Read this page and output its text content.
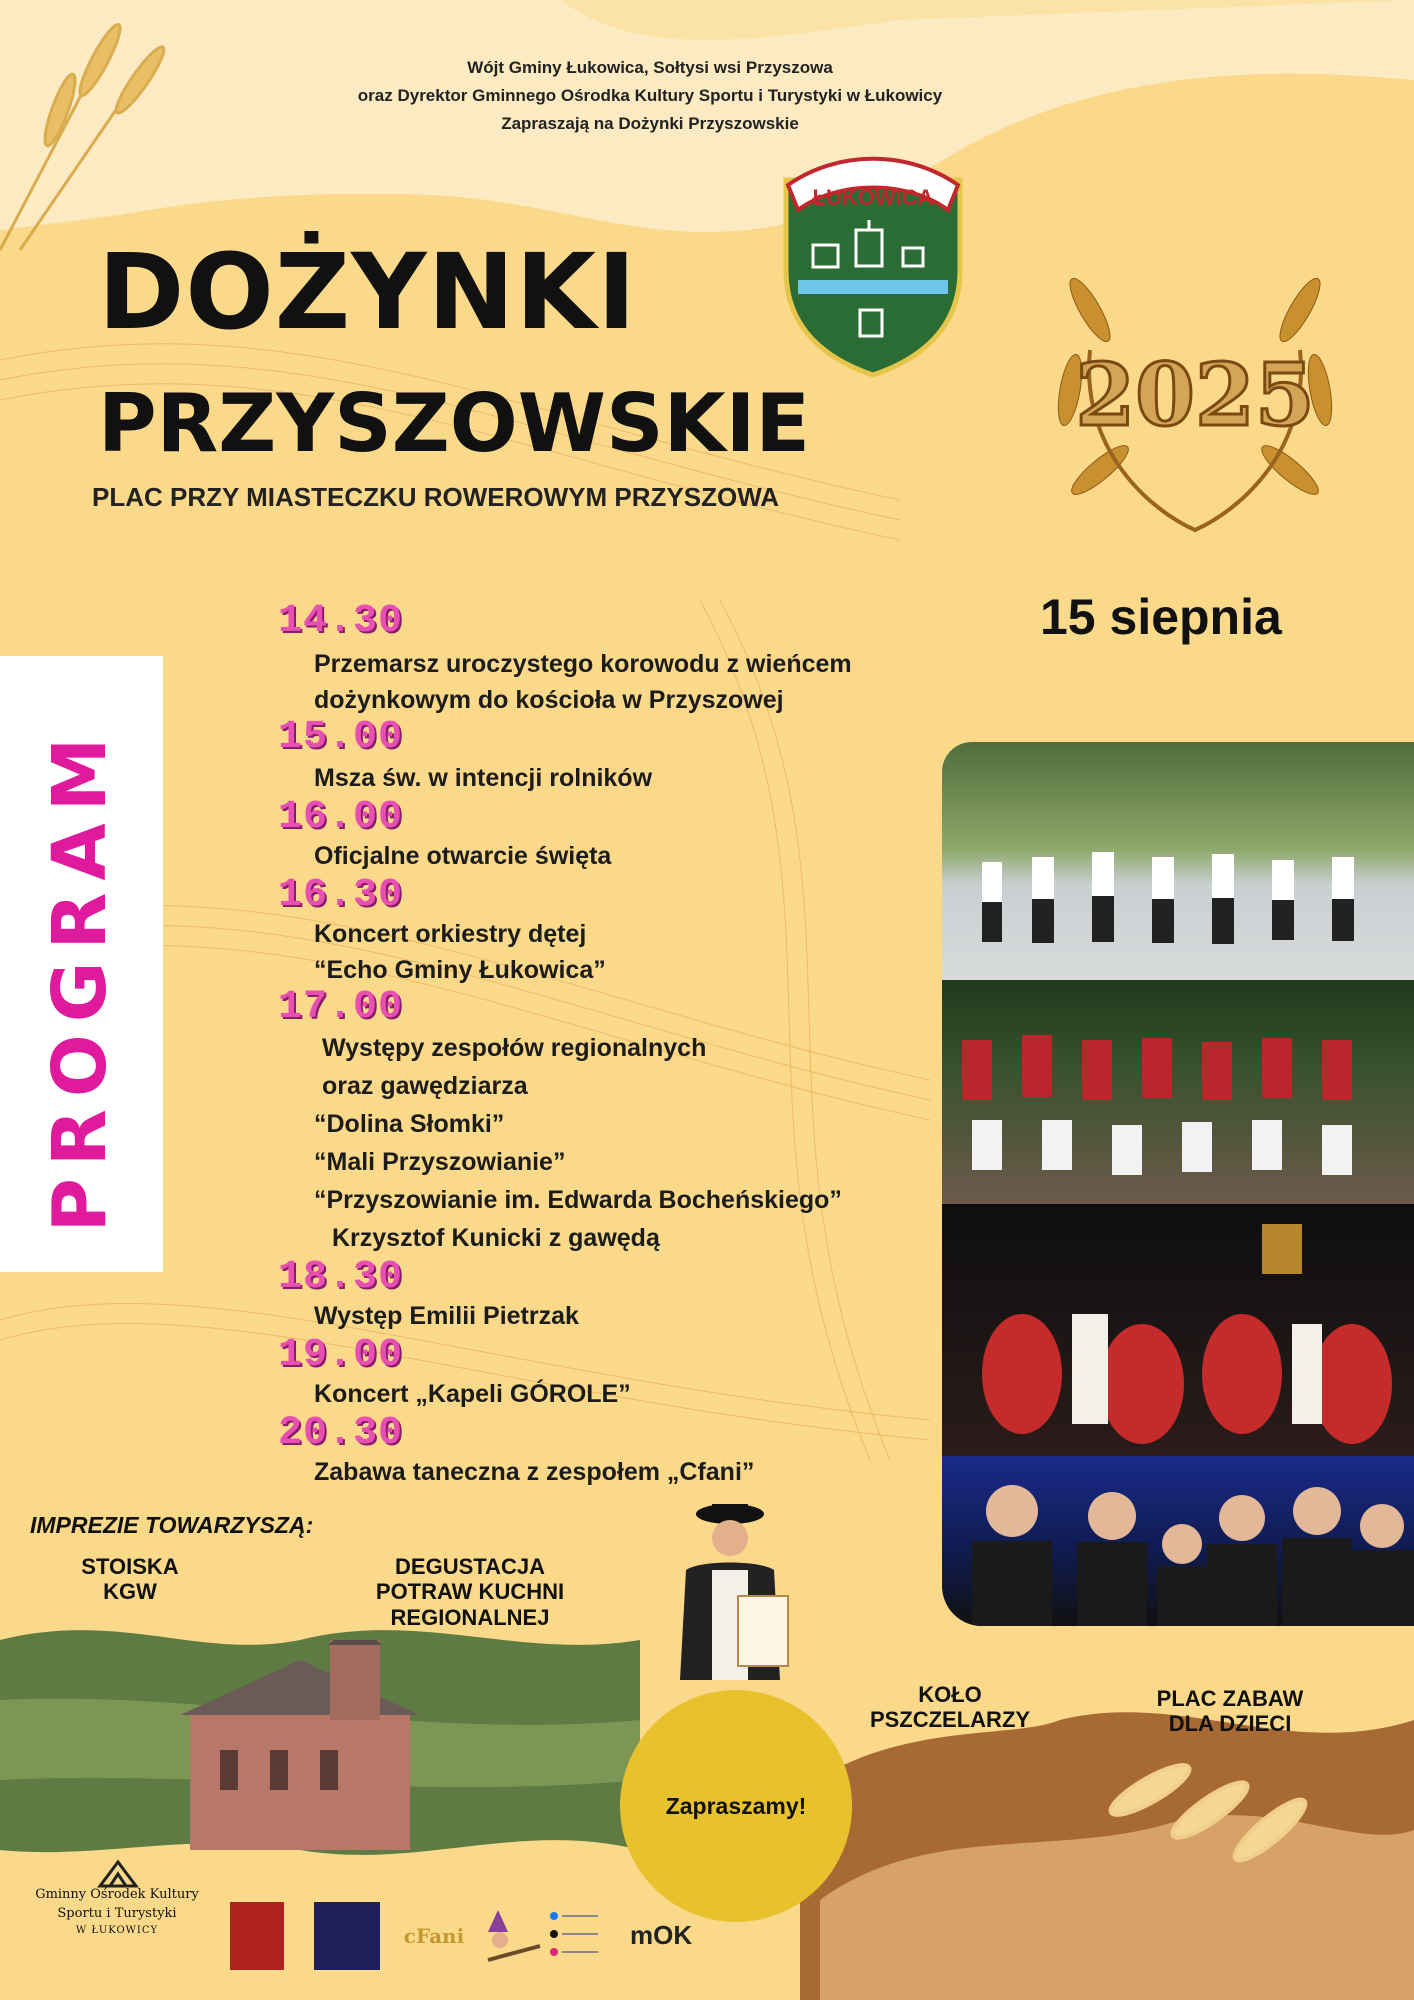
Wójt Gminy Łukowica, Sołtysi wsi Przyszowa
oraz Dyrektor Gminnego Ośrodka Kultury Sportu i Turystyki w Łukowicy
Zapraszają na Dożynki Przyszowskie
ŁUKOWICA
2025
DOŻYNKI
PRZYSZOWSKIE
PLAC PRZY MIASTECZKU ROWEROWYM PRZYSZOWA
15 siepnia
PROGRAM
14.30
Przemarsz uroczystego korowodu z wieńcem
dożynkowym do kościoła w Przyszowej
15.00
Msza św. w intencji rolników
16.00
Oficjalne otwarcie święta
16.30
Koncert orkiestry dętej
“Echo Gminy Łukowica”
17.00
Występy zespołów regionalnych
oraz gawędziarza
“Dolina Słomki”
“Mali Przyszowianie”
“Przyszowianie im. Edwarda Bocheńskiego”
Krzysztof Kunicki z gawędą
18.30
Występ Emilii Pietrzak
19.00
Koncert „Kapeli GÓROLE”
20.30
Zabawa taneczna z zespołem „Cfani”
IMPREZIE TOWARZYSZĄ:
STOISKA
KGW
DEGUSTACJA
POTRAW KUCHNI
REGIONALNEJ
KOŁO
PSZCZELARZY
PLAC ZABAW
DLA DZIECI
Zapraszamy!
Gminny Ośrodek Kultury
Sportu i Turystyki
W ŁUKOWICY	cFani	mOK
